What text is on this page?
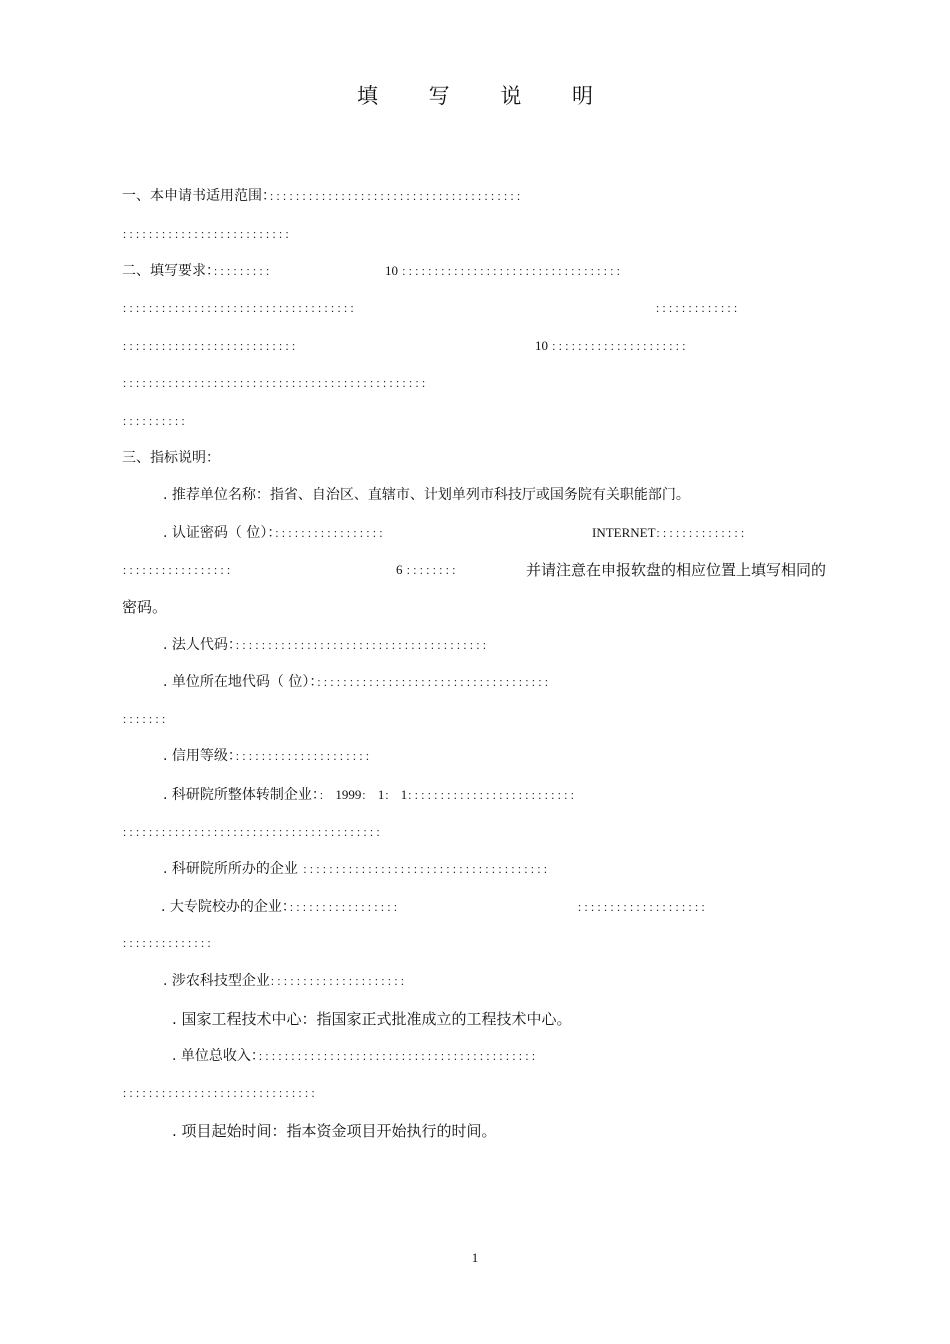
填 写 说 明
一、本申请书适用范围：：：：：：：：：：：：：：：：：：：：：：：：：：：：：：：：：：：：：：：：
：：：：：：：：：：：：：：：：：：：：：：：：：：
二、填写要求：：：：：：：：：：	10 ：：：：：：：：：：：：：：：：：：：：：：：：：：：：：：：：：：
：：：：：：：：：：：：：：：：：：：：：：：：：：：：：：：：：：：：	：：：：：：：：：：：：：
：：：：：：：：：：：：：：：：：：：：：：：：：：：	10 ：：：：：：：：：：：：：：：：：：：：：
：：：：：：：：：：：：：：：：：：：：：：：：：：：：：：：：：：：：：：：：：：：：：：：
：：：：：：：：：：
三、指标说明：
. 推荐单位名称：指省、自治区、直辖市、计划单列市科技厅或国务院有关职能部门。
. 认证密码（ 位）：：：：：：：：：：：：：：：：：：	INTERNET：：：：：：：：：：：：：：
：：：：：：：：：：：：：：：：：	6 ：：：：：：：：	并请注意在申报软盘的相应位置上填写相同的
密码。
. 法人代码：：：：：：：：：：：：：：：：：：：：：：：：：：：：：：：：：：：：：：：：
. 单位所在地代码（ 位）：：：：：：：：：：：：：：：：：：：：：：：：：：：：：：：：：：：：：
：：：：：：：
. 信用等级：：：：：：：：：：：：：：：：：：：：：：
. 科研院所整体转制企业：： 1999： 1： 1：：：：：：：：：：：：：：：：：：：：：：：：：：
：：：：：：：：：：：：：：：：：：：：：：：：：：：：：：：：：：：：：：：：
. 科研院所所办的企业 ：：：：：：：：：：：：：：：：：：：：：：：：：：：：：：：：：：：：：：
. 大专院校办的企业：：：：：：：：：：：：：：：：：：	：：：：：：：：：：：：：：：：：：：：
：：：：：：：：：：：：：：
. 涉农科技型企业：：：：：：：：：：：：：：：：：：：：：
. 国家工程技术中心：指国家正式批准成立的工程技术中心。
. 单位总收入：：：：：：：：：：：：：：：：：：：：：：：：：：：：：：：：：：：：：：：：：：：：
：：：：：：：：：：：：：：：：：：：：：：：：：：：：：：
. 项目起始时间：指本资金项目开始执行的时间。
1
